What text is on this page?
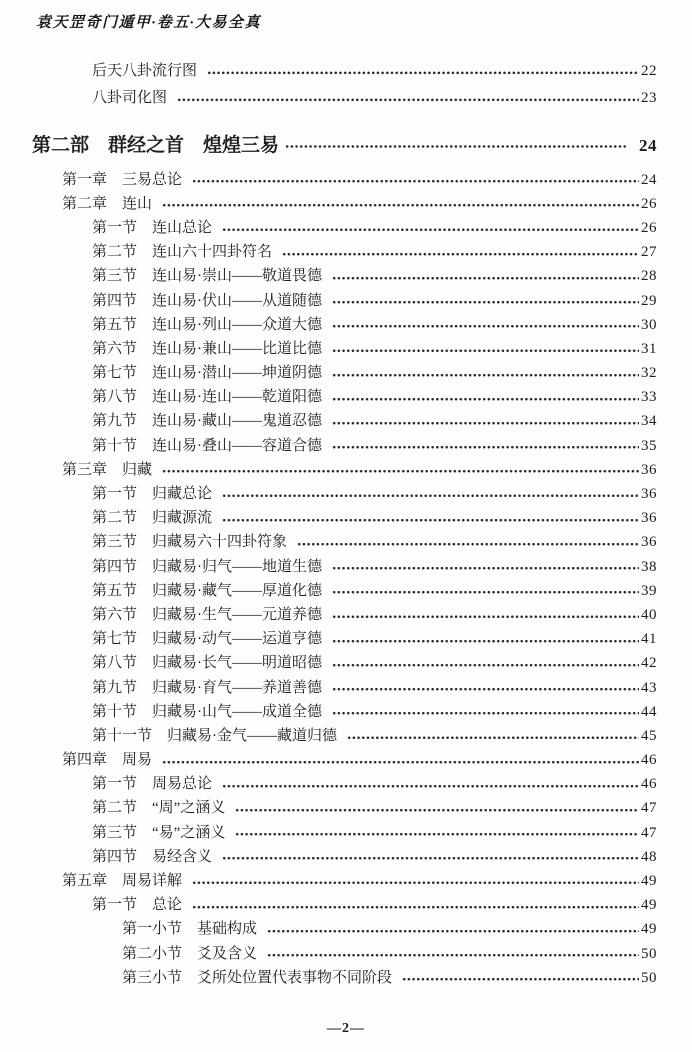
袁天罡奇门遁甲·卷五·大易全真
后天八卦流行图	22
八卦司化图	23
第二部　群经之首　煌煌三易	24
第一章　三易总论	24
第二章　连山	26
第一节　连山总论	26
第二节　连山六十四卦符名	27
第三节　连山易·崇山——敬道畏德	28
第四节　连山易·伏山——从道随德	29
第五节　连山易·列山——众道大德	30
第六节　连山易·兼山——比道比德	31
第七节　连山易·潜山——坤道阴德	32
第八节　连山易·连山——乾道阳德	33
第九节　连山易·藏山——鬼道忍德	34
第十节　连山易·叠山——容道合德	35
第三章　归藏	36
第一节　归藏总论	36
第二节　归藏源流	36
第三节　归藏易六十四卦符象	36
第四节　归藏易·归气——地道生德	38
第五节　归藏易·藏气——厚道化德	39
第六节　归藏易·生气——元道养德	40
第七节　归藏易·动气——运道亨德	41
第八节　归藏易·长气——明道昭德	42
第九节　归藏易·育气——养道善德	43
第十节　归藏易·山气——成道全德	44
第十一节　归藏易·金气——藏道归德	45
第四章　周易	46
第一节　周易总论	46
第二节　“周”之涵义	47
第三节　“易”之涵义	47
第四节　易经含义	48
第五章　周易详解	49
第一节　总论	49
第一小节　基础构成	49
第二小节　爻及含义	50
第三小节　爻所处位置代表事物不同阶段	50
—2—
